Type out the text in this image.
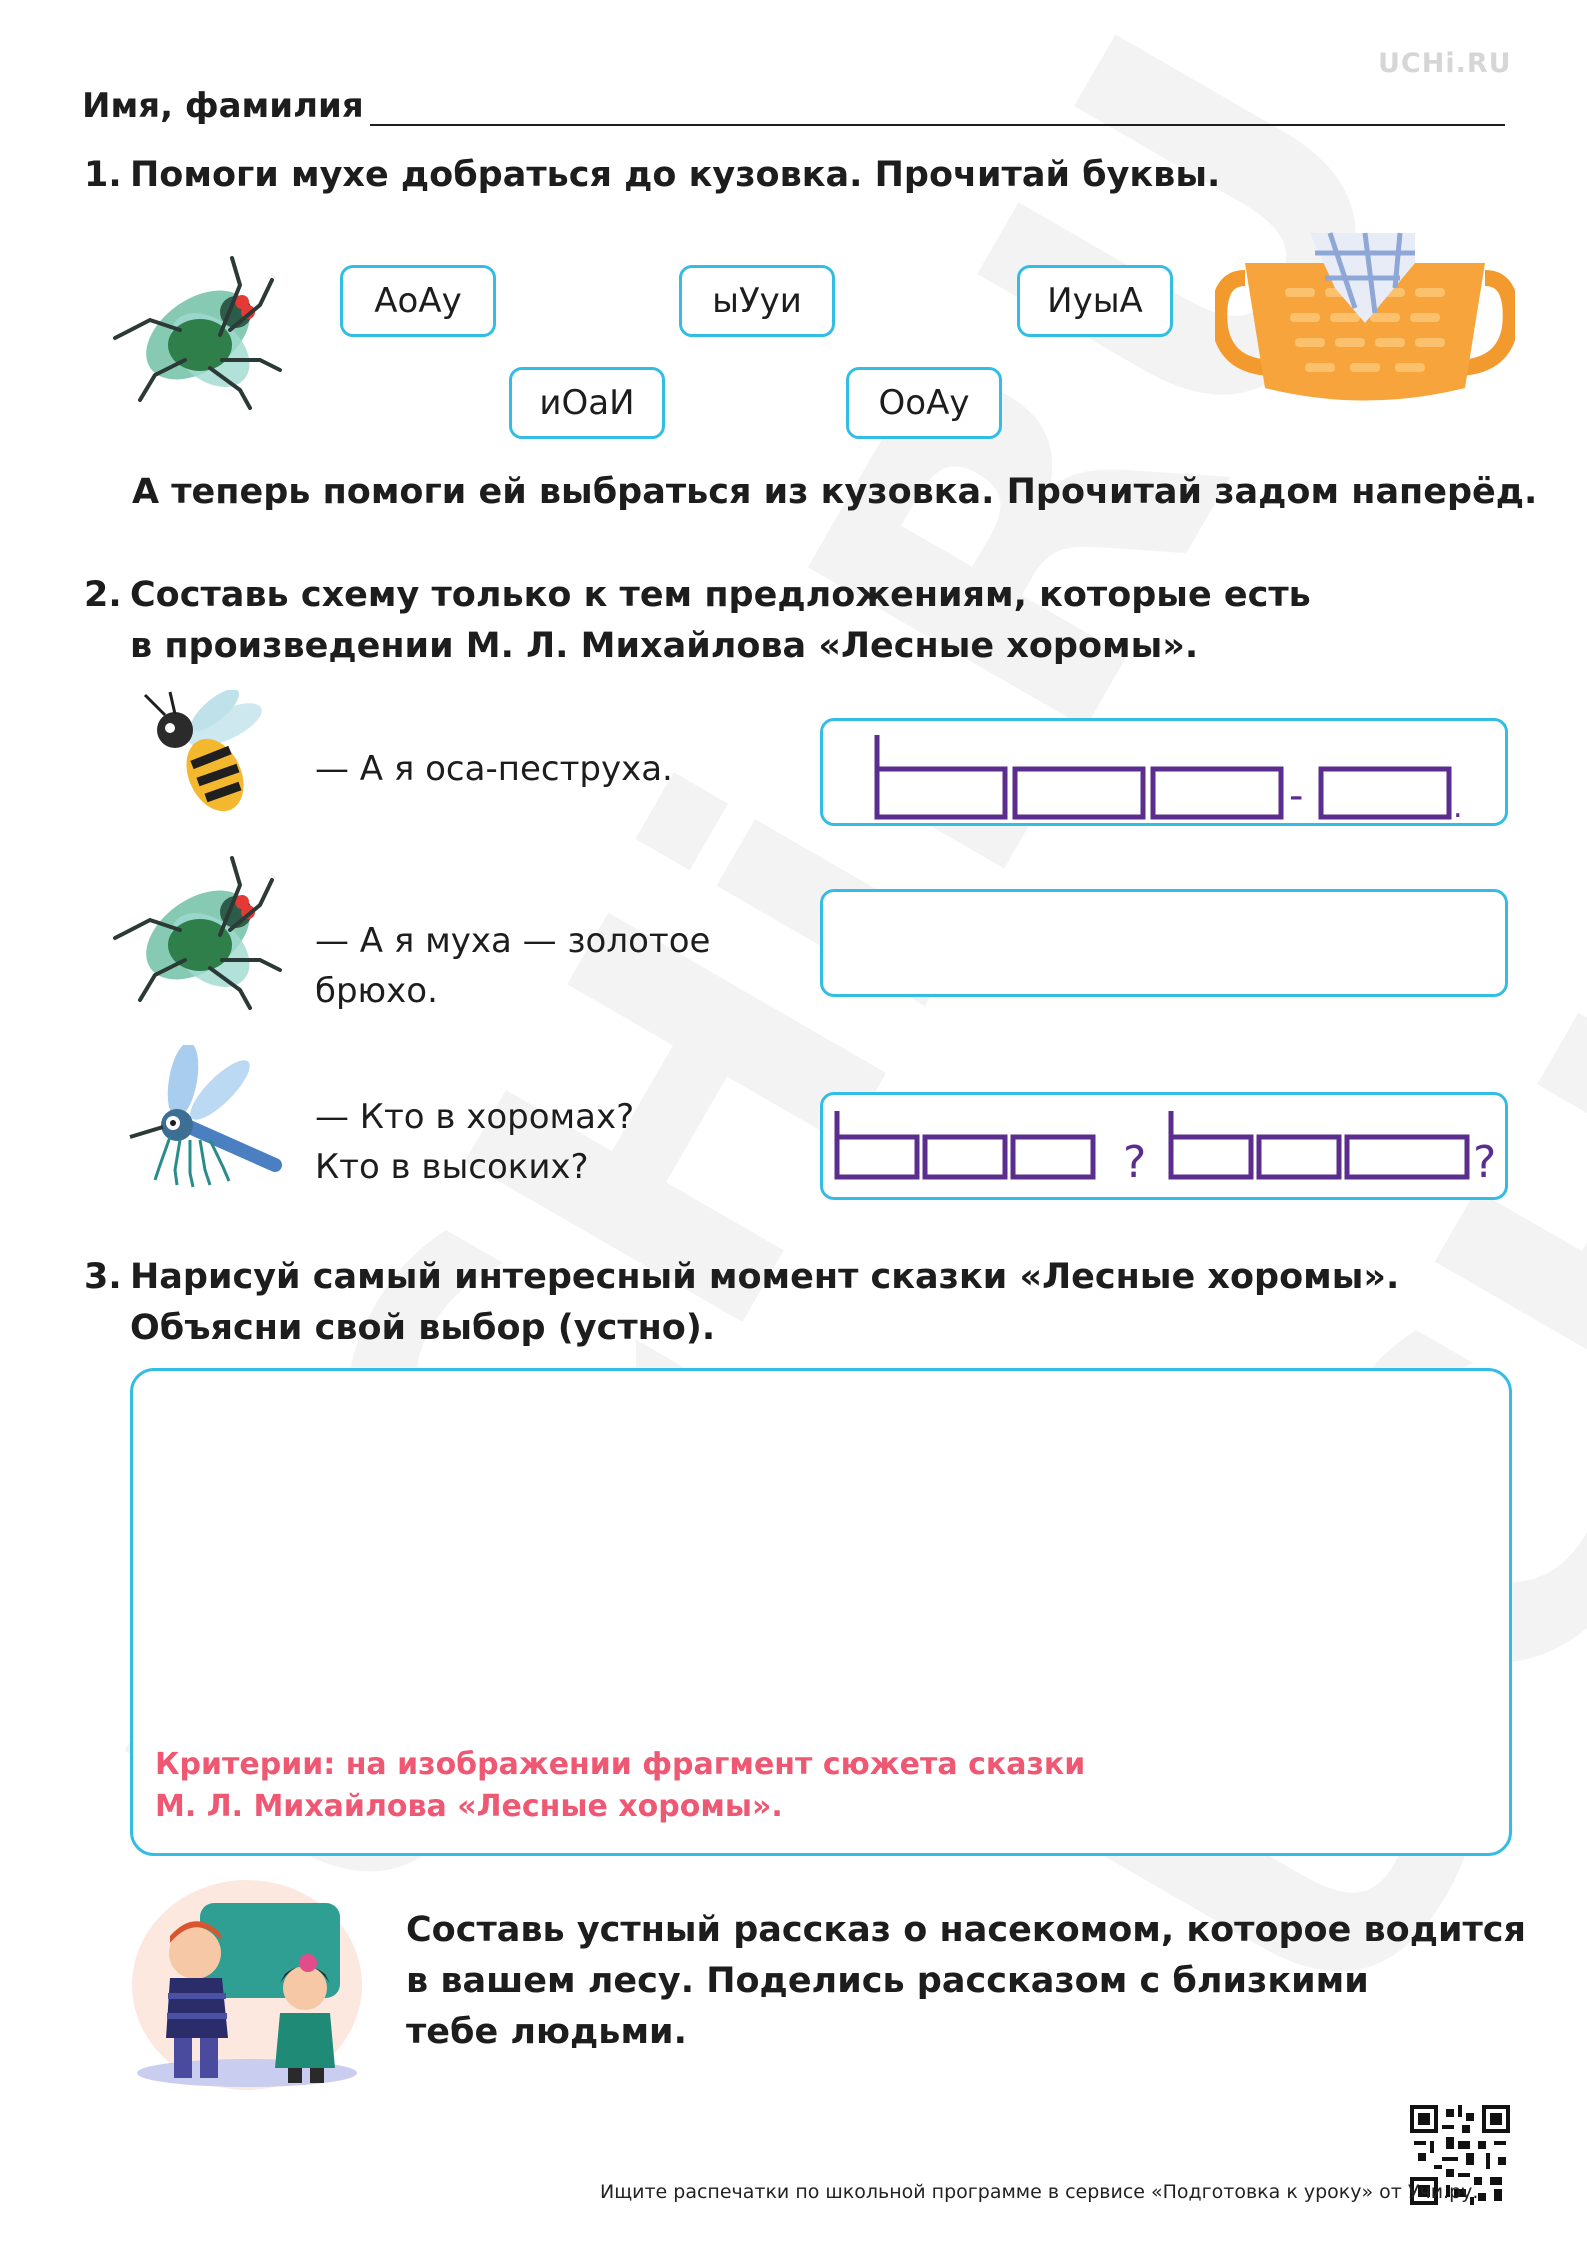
UCHi.RU
Имя, фамилия
1. Помоги мухе добраться до кузовка. Прочитай буквы.
АоАу	ыУуи	ИуыА
иОаИ	ОоАу
А теперь помоги ей выбраться из кузовка. Прочитай задом наперёд.
2. Составь схему только к тем предложениям, которые есть
в произведении М. Л. Михайлова «Лесные хоромы».
— А я оса-пеструха.
-	.
— А я муха — золотое
брюхо.
— Кто в хоромах?
Кто в высоких?	?	?
3. Нарисуй самый интересный момент сказки «Лесные хоромы».
Объясни свой выбор (устно).
Критерии: на изображении фрагмент сюжета сказки
М. Л. Михайлова «Лесные хоромы».
Составь устный рассказ о насекомом, которое водится
в вашем лесу. Поделись рассказом с близкими
тебе людьми.
Ищите распечатки по школьной программе в сервисе «Подготовка к уроку» от Учи.ру.
